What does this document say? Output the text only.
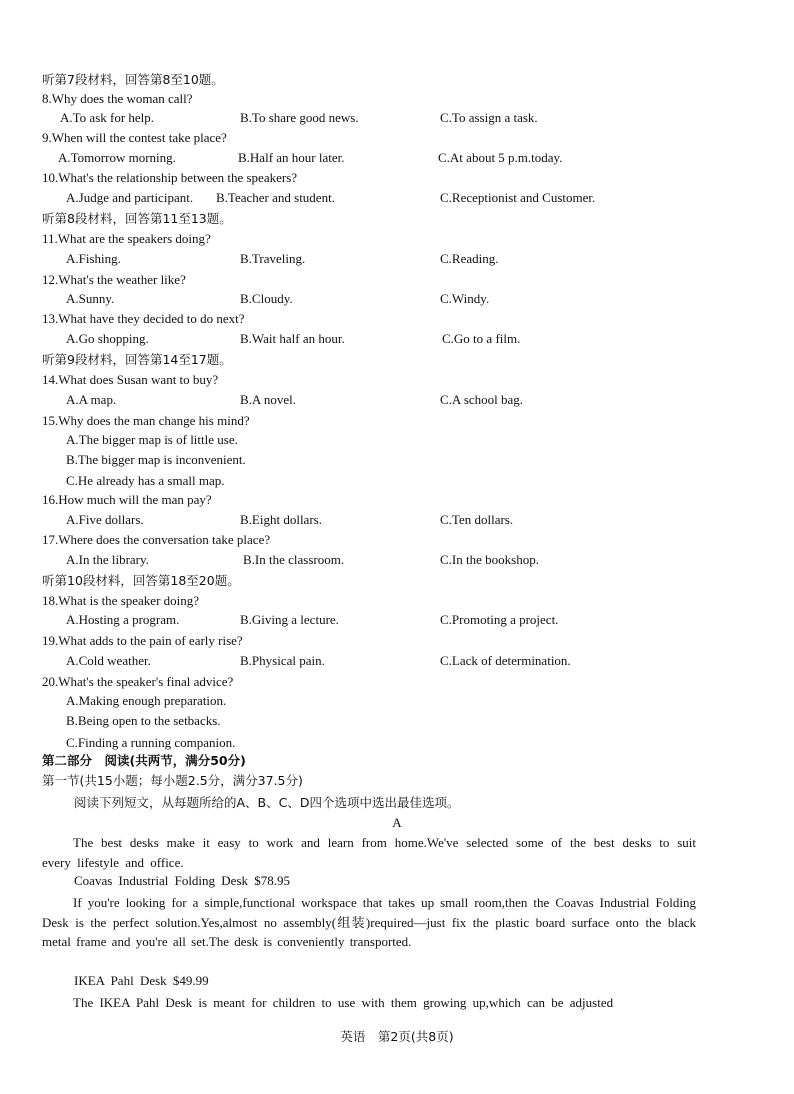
听第7段材料，回答第8至10题。
8.Why does the woman call?
A.To ask for help.	B.To share good news.	C.To assign a task.
9.When will the contest take place?
A.Tomorrow morning.	B.Half an hour later.	C.At about 5 p.m.today.
10.What's the relationship between the speakers?
A.Judge and participant. B.Teacher and student.	C.Receptionist and Customer.
听第8段材料，回答第11至13题。
11.What are the speakers doing?
A.Fishing.	B.Traveling.	C.Reading.
12.What's the weather like?
A.Sunny.	B.Cloudy.	C.Windy.
13.What have they decided to do next?
A.Go shopping.	B.Wait half an hour.	C.Go to a film.
听第9段材料，回答第14至17题。
14.What does Susan want to buy?
A.A map.	B.A novel.	C.A school bag.
15.Why does the man change his mind?
A.The bigger map is of little use.
B.The bigger map is inconvenient.
C.He already has a small map.
16.How much will the man pay?
A.Five dollars.	B.Eight dollars.	C.Ten dollars.
17.Where does the conversation take place?
A.In the library.	B.In the classroom.	C.In the bookshop.
听第10段材料，回答第18至20题。
18.What is the speaker doing?
A.Hosting a program.	B.Giving a lecture.	C.Promoting a project.
19.What adds to the pain of early rise?
A.Cold weather.	B.Physical pain.	C.Lack of determination.
20.What's the speaker's final advice?
A.Making enough preparation.
B.Being open to the setbacks.
C.Finding a running companion.
第二部分　阅读(共两节，满分50分)
第一节(共15小题；每小题2.5分，满分37.5分)
阅读下列短文，从每题所给的A、B、C、D四个选项中选出最佳选项。
A
The best desks make it easy to work and learn from home.We've selected some of the best desks to suit every lifestyle and office.
Coavas Industrial Folding Desk $78.95
If you're looking for a simple,functional workspace that takes up small room,then the Coavas Industrial Folding Desk is the perfect solution.Yes,almost no assembly(组装)required—just fix the plastic board surface onto the black metal frame and you're all set.The desk is conveniently transported.
IKEA Pahl Desk $49.99
The IKEA Pahl Desk is meant for children to use with them growing up,which can be adjusted
英语　第2页(共8页)
